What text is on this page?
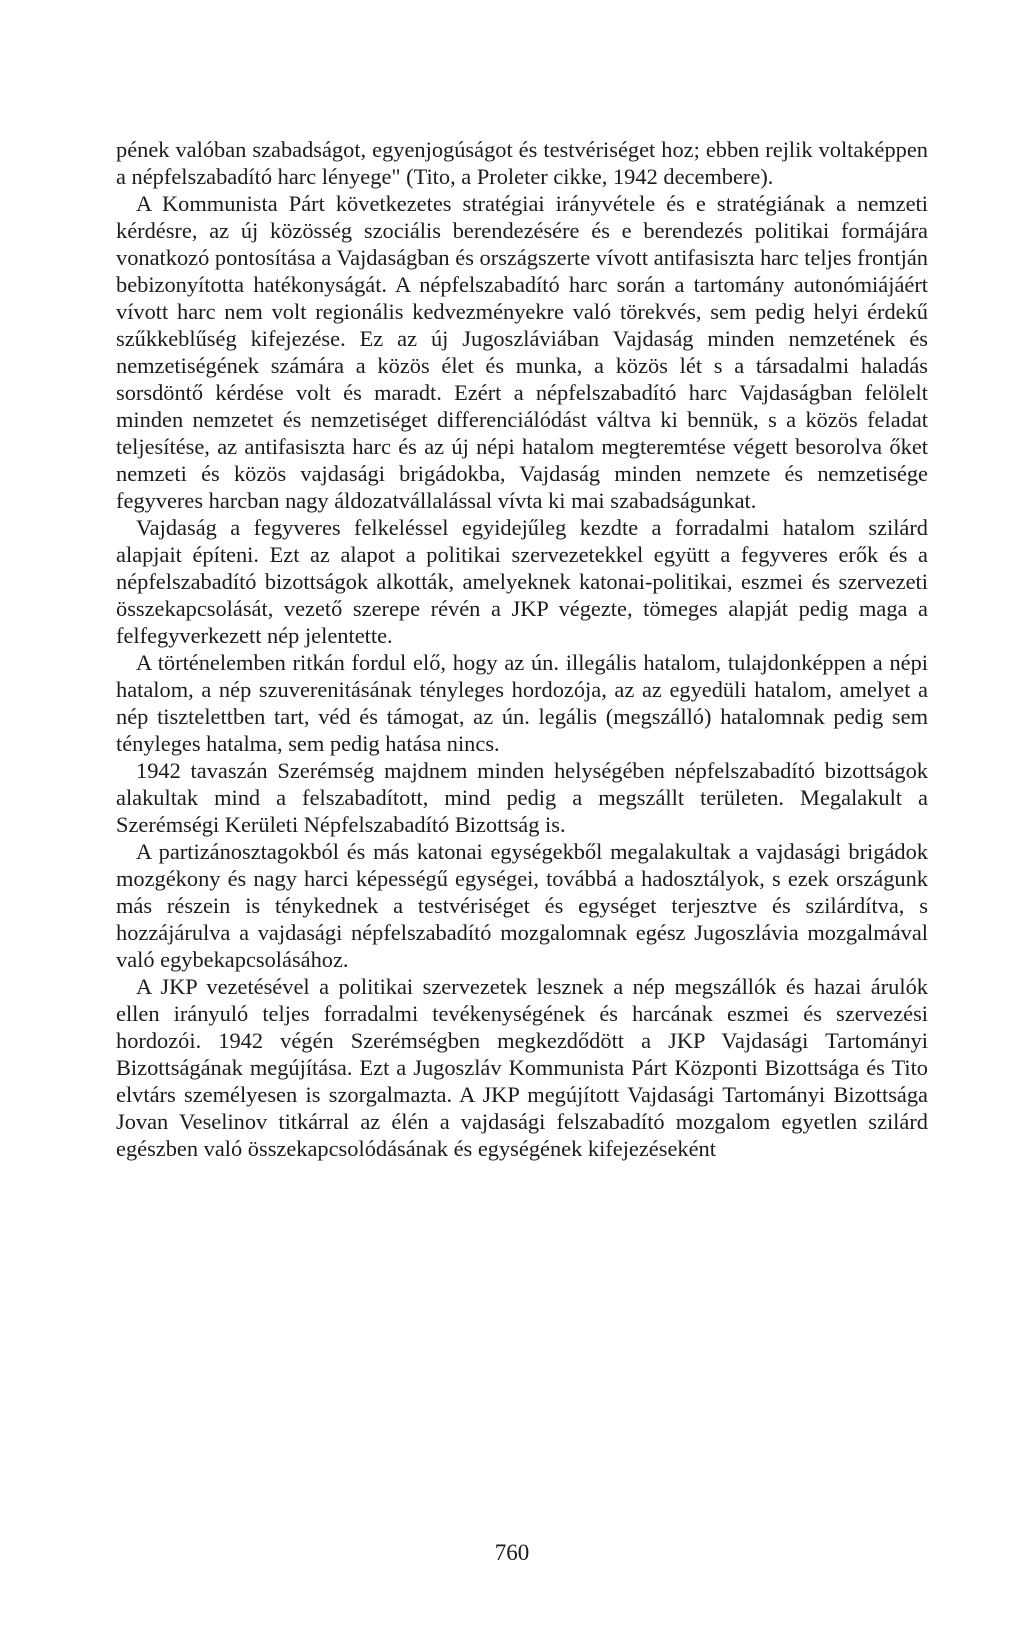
pének valóban szabadságot, egyenjogúságot és testvériséget hoz; ebben rejlik voltaképpen a népfelszabadító harc lényege" (Tito, a Proleter cikke, 1942 decembere).

A Kommunista Párt következetes stratégiai irányvétele és e stratégiának a nemzeti kérdésre, az új közösség szociális berendezésére és e berendezés politikai formájára vonatkozó pontosítása a Vajdaságban és országszerte vívott antifasiszta harc teljes frontján bebizonyította hatékonyságát. A népfelszabadító harc során a tartomány autonómiájáért vívott harc nem volt regionális kedvezményekre való törekvés, sem pedig helyi érdekű szűkkeblűség kifejezése. Ez az új Jugoszláviában Vajdaság minden nemzetének és nemzetiségének számára a közös élet és munka, a közös lét s a társadalmi haladás sorsdöntő kérdése volt és maradt. Ezért a népfelszabadító harc Vajdaságban felölelt minden nemzetet és nemzetiséget differenciálódást váltva ki bennük, s a közös feladat teljesítése, az antifasiszta harc és az új népi hatalom megteremtése végett besorolva őket nemzeti és közös vajdasági brigádokba, Vajdaság minden nemzete és nemzetisége fegyveres harcban nagy áldozatvállalással vívta ki mai szabadságunkat.

Vajdaság a fegyveres felkeléssel egyidejűleg kezdte a forradalmi hatalom szilárd alapjait építeni. Ezt az alapot a politikai szervezetekkel együtt a fegyveres erők és a népfelszabadító bizottságok alkották, amelyeknek katonai-politikai, eszmei és szervezeti összekapcsolását, vezető szerepe révén a JKP végezte, tömeges alapját pedig maga a felfegyverkezett nép jelentette.

A történelemben ritkán fordul elő, hogy az ún. illegális hatalom, tulajdonképpen a népi hatalom, a nép szuverenitásának tényleges hordozója, az az egyedüli hatalom, amelyet a nép tisztelettben tart, véd és támogat, az ún. legális (megszálló) hatalomnak pedig sem tényleges hatalma, sem pedig hatása nincs.

1942 tavaszán Szerémség majdnem minden helységében népfelszabadító bizottságok alakultak mind a felszabadított, mind pedig a megszállt területen. Megalakult a Szerémségi Kerületi Népfelszabadító Bizottság is.

A partizánosztagokból és más katonai egységekből megalakultak a vajdasági brigádok mozgékony és nagy harci képességű egységei, továbbá a hadosztályok, s ezek országunk más részein is ténykednek a testvériséget és egységet terjesztve és szilárdítva, s hozzájárulva a vajdasági népfelszabadító mozgalomnak egész Jugoszlávia mozgalmával való egybekapcsolásához.

A JKP vezetésével a politikai szervezetek lesznek a nép megszállók és hazai árulók ellen irányuló teljes forradalmi tevékenységének és harcának eszmei és szervezési hordozói. 1942 végén Szerémségben megkezdődött a JKP Vajdasági Tartományi Bizottságának megújítása. Ezt a Jugoszláv Kommunista Párt Központi Bizottsága és Tito elvtárs személyesen is szorgalmazta. A JKP megújított Vajdasági Tartományi Bizottsága Jovan Veselinov titkárral az élén a vajdasági felszabadító mozgalom egyetlen szilárd egészben való összekapcsolódásának és egységének kifejezéseként

760
